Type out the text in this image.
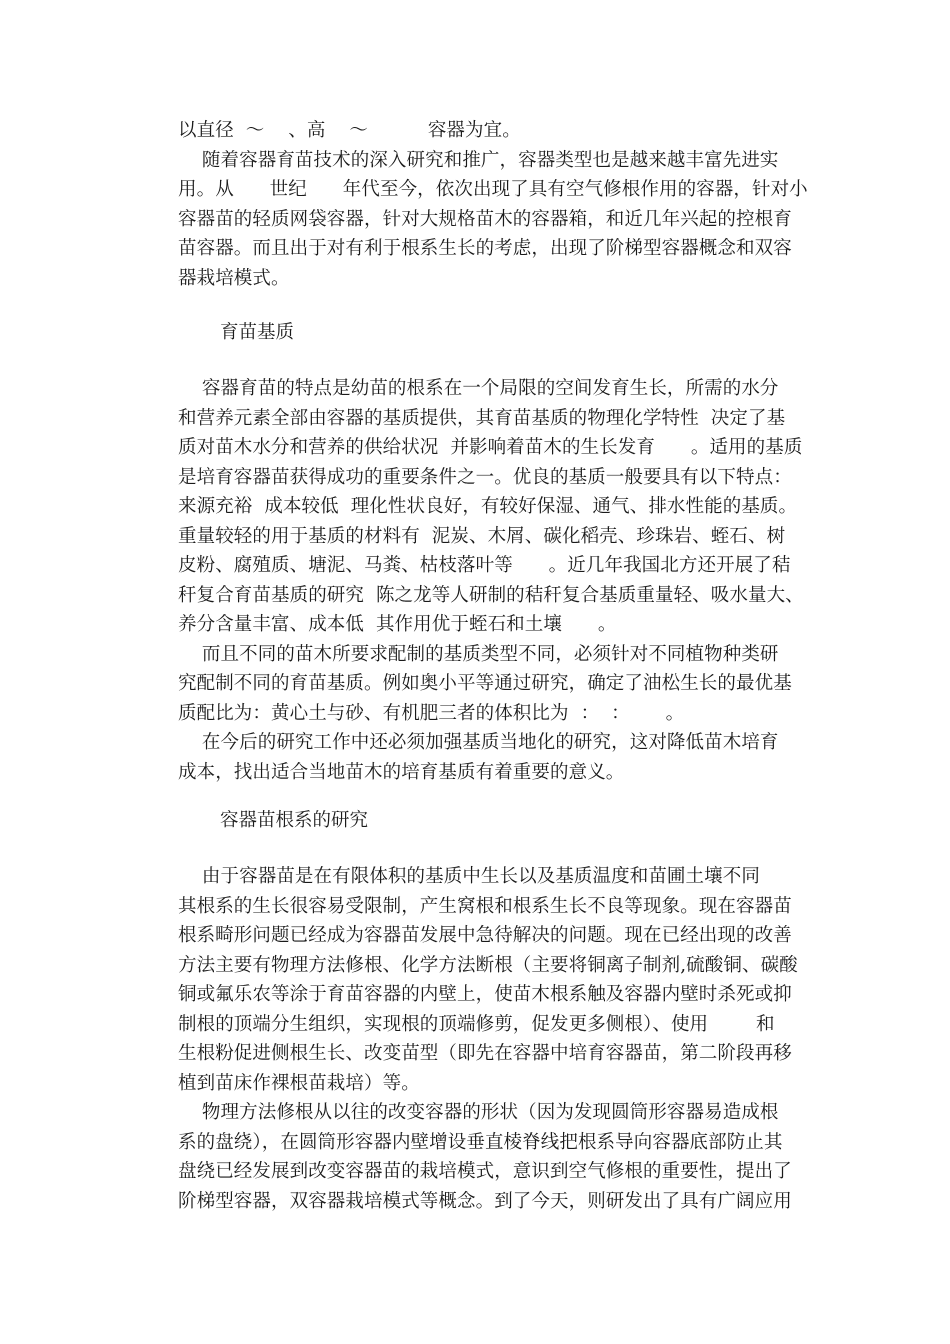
以直径  ～    、高    ～          容器为宜。
随着容器育苗技术的深入研究和推广，容器类型也是越来越丰富先进实
用。从      世纪      年代至今，依次出现了具有空气修根作用的容器，针对小
容器苗的轻质网袋容器，针对大规格苗木的容器箱，和近几年兴起的控根育
苗容器。而且出于对有利于根系生长的考虑，出现了阶梯型容器概念和双容
器栽培模式。
育苗基质
容器育苗的特点是幼苗的根系在一个局限的空间发育生长，所需的水分
和营养元素全部由容器的基质提供，其育苗基质的物理化学特性  决定了基
质对苗木水分和营养的供给状况  并影响着苗木的生长发育      。适用的基质
是培育容器苗获得成功的重要条件之一。优良的基质一般要具有以下特点：
来源充裕  成本较低  理化性状良好，有较好保湿、通气、排水性能的基质。
重量较轻的用于基质的材料有  泥炭、木屑、碳化稻壳、珍珠岩、蛭石、树
皮粉、腐殖质、塘泥、马粪、枯枝落叶等      。近几年我国北方还开展了秸
秆复合育苗基质的研究  陈之龙等人研制的秸秆复合基质重量轻、吸水量大、
养分含量丰富、成本低  其作用优于蛭石和土壤      。
而且不同的苗木所要求配制的基质类型不同，必须针对不同植物种类研
究配制不同的育苗基质。例如奥小平等通过研究，确定了油松生长的最优基
质配比为：黄心土与砂、有机肥三者的体积比为  ：  ：      。
在今后的研究工作中还必须加强基质当地化的研究，这对降低苗木培育
成本，找出适合当地苗木的培育基质有着重要的意义。
容器苗根系的研究
由于容器苗是在有限体积的基质中生长以及基质温度和苗圃土壤不同
其根系的生长很容易受限制，产生窝根和根系生长不良等现象。现在容器苗
根系畸形问题已经成为容器苗发展中急待解决的问题。现在已经出现的改善
方法主要有物理方法修根、化学方法断根（主要将铜离子制剂,硫酸铜、碳酸
铜或氟乐农等涂于育苗容器的内壁上，使苗木根系触及容器内壁时杀死或抑
制根的顶端分生组织，实现根的顶端修剪，促发更多侧根）、使用        和
生根粉促进侧根生长、改变苗型（即先在容器中培育容器苗，第二阶段再移
植到苗床作裸根苗栽培）等。
物理方法修根从以往的改变容器的形状（因为发现圆筒形容器易造成根
系的盘绕），在圆筒形容器内壁增设垂直棱脊线把根系导向容器底部防止其
盘绕已经发展到改变容器苗的栽培模式，意识到空气修根的重要性，提出了
阶梯型容器，双容器栽培模式等概念。到了今天，则研发出了具有广阔应用
